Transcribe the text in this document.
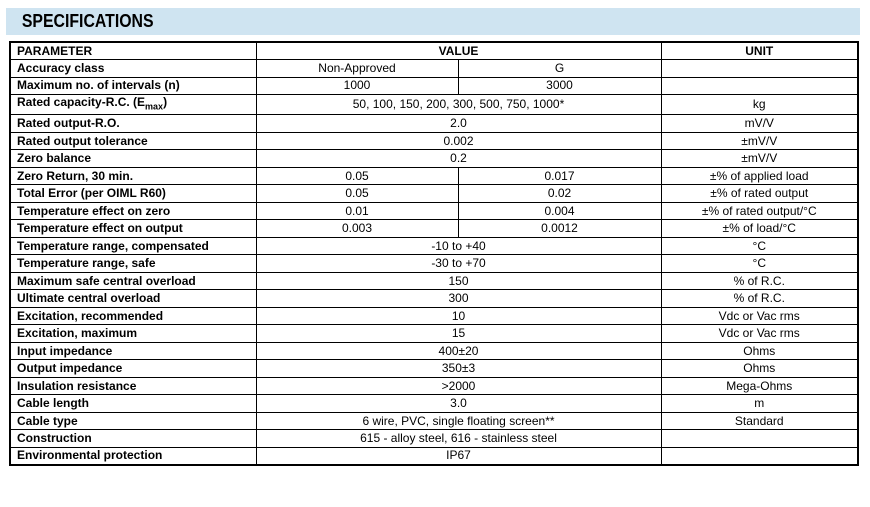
SPECIFICATIONS
PARAMETER	VALUE		UNIT
Accuracy class	Non-Approved	G	
Maximum no. of intervals (n)	1000	3000	
Rated capacity-R.C. $(E_{max})$	50, 100, 150, 200, 300, 500, 750, 1000*		kg
Rated output-R.O.	2.0		mV/V
Rated output tolerance	0.002		±mV/V
Zero balance	0.2		±mV/V
Zero Return, 30 min.	0.05	0.017	±% of applied load
Total Error (per OIML R60)	0.05	0.02	±% of rated output
Temperature effect on zero	0.01	0.004	±% of rated output/°C
Temperature effect on output	0.003	0.0012	±% of load/°C
Temperature range, compensated	-10 to +40		°C
Temperature range, safe	-30 to +70		°C
Maximum safe central overload	150		% of R.C.
Ultimate central overload	300		% of R.C.
Excitation, recommended	10		Vdc or Vac rms
Excitation, maximum	15		Vdc or Vac rms
Input impedance	400±20		Ohms
Output impedance	350±3		Ohms
Insulation resistance	>2000		Mega-Ohms
Cable length	3.0		m
Cable type	6 wire, PVC, single floating screen**		Standard
Construction	615 - alloy steel, 616 - stainless steel		
Environmental protection	IP67		
